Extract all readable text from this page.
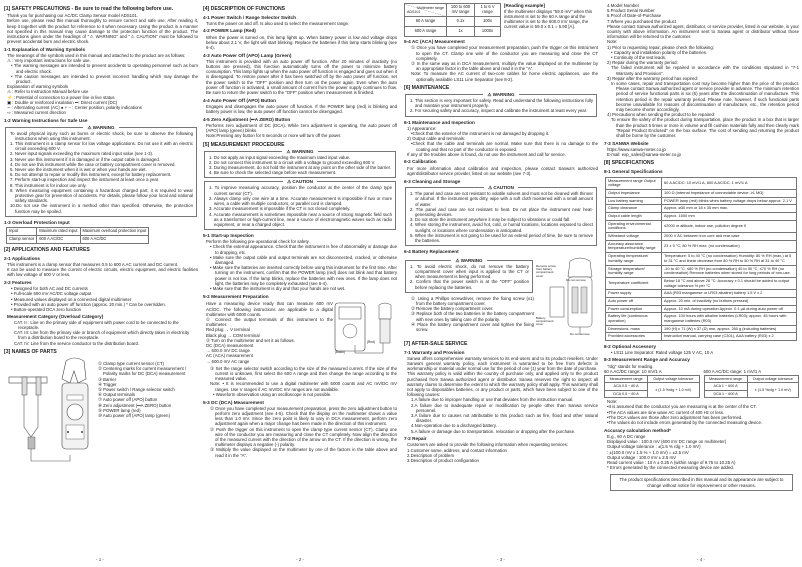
[1] SAFETY PRECAUTIONS - Be sure to read the following before use.
Thank you for purchasing our AC/DC Clamp Sensor model ADS101.
Before use, please read this manual thoroughly to ensure correct and safe use. After reading it, keep it together with the product for reference to it when necessary. Using the product in a manner not specified in this manual may cause damage to the protection function of the product. The instructions given under the headings of "⚠ WARNING" and "⚠ CAUTION" must be followed to prevent accidental burn and electric shock.
1-1 Explanation of Warning Symbols
The meanings of the symbols used in this manual and attached to the product are as follows:
⚠ : Very important instructions for safe use.
• The warning messages are intended to prevent accidents to operating personnel such as burn and electric shock.
• The caution messages are intended to prevent incorrect handling which may damage the product.
Explanation of warning symbols
⚠ : Refer to Instruction Manual before use
⚡ : Potential of connection to a power line in live status
▣ : Double or reinforced insulation ⎓: Direct current (DC)
∼ : Alternating current (AC) ● + − : Center position, polarity indications
⇨ : Measured current direction
1-2 Warning Instructions for Safe Use
⚠ WARNING
To avoid physical injury such as burns or electric shock, be sure to observe the following instructions when using this instrument.
1. This instrument is a clamp sensor for low voltage applications. Do not use it with an electric circuit exceeding 600 V.
2. Never input signals exceeding the maximum rated input value (see 1-3).
3. Never use this instrument if it is damaged or if the output cable is damaged.
4. Do not use this instrument while the case or battery compartment cover is removed.
5. Never use the instrument when it is wet or when your hands are wet.
6. Do not attempt to repair or modify this instrument, except for battery replacement.
7. Perform start-up inspection and inspect the instrument at least once a year.
8. This instrument is for indoor use only.
9. When measuring equipment containing a hazardous charged part, it is required to wear protective gear for prevention of accidents. For details, please follow your local and national safety standards.
10.Do not use the instrument in a method other than specified. Otherwise, the protection function may be spoiled.
1-3 Overload Protection Input
Input	Maximum rated input	Maximum overload protection input
Clamp sensor	600 A AC/DC	600 A AC/DC
[2] APPLICATIONS AND FEATURES
2-1 Applications
This instrument is a clamp sensor that measures 0.5 to 600 A AC current and DC current.
It can be used to measure the current of electric circuits, electric equipment, and electric facilities with low voltage of 600 V or less.
2-2 Features
• Designed for both AC and DC currents
• Full-scale 600 mV AC/DC voltage output
• Measured values displayed on a connected digital multimeter
• Provided with an auto power off function (approx. 20 min.) * Can be overridden.
• Button-operated DCA zero function
Measurement Category (Overload Category)
CAT. II : Line on the primary side of equipment with power cord to be connected to the receptacle.
CAT. III: Line from the primary side or branch of equipment which directly takes in electricity from a distribution board to the receptacle.
CAT. IV: Line from the service conductor to the distribution board.
[3] NAMES OF PARTS
① Clamp type current sensor (CT)
② Centering marks for current measurement / Polarity marks for DC (DCA) measurement
③ Barrier
④ Trigger
⑤ Power switch / Range selector switch
⑥ Output terminals
⑦ Auto power off (APO) button
⑧ Zero adjustment (⎓A ZERO) button
⑨ POWER lamp (red)
⑩ Auto power off (APO) lamp (green)
[4] DESCRIPTION OF FUNCTIONS
4-1 Power Switch / Range Selector Switch
Turns the power on and off. Is also used to select the measurement range.
4-2 POWER Lamp (Red)
When the power is turned on, this lamp lights up. When battery power is low and voltage drops below about 2.1 V, the light will start blinking. Replace the batteries if this lamp starts blinking (see 6-4).
4-3 Auto Power Off (APO) Lamp (Green)
This instrument is provided with an auto power off function. After 20 minutes of inactivity (no buttons are pressed), this function automatically turns off the power to minimize battery consumption. This lamp lights up when the auto power off function is engaged and goes out when it is disengaged. To restore power after it has been switched off by the auto power off function, set the power switch to the "OFF" position and then turn on the power again. Even when the auto power off function is activated, a small amount of current from the power supply continues to flow. Be sure to return the power switch to the "OFF" position when measurement is finished.
4-4 Auto Power Off (APO) Button
Engages and disengages the auto power off function. If the POWER lamp (red) is blinking and battery power is low, the auto power off function cannot be disengaged.
4-5 Zero Adjustment (⎓A ZERO) Button
Performs zero adjustment of DC (DCA). While zero adjustment is operating, the auto power off (APO) lamp (green) blinks.
Note:Pressing any button for 5 seconds or more will turn off the power.
[5] MEASUREMENT PROCEDURE
⚠ WARNING
1. Do not apply an input signal exceeding the maximum rated input value.
2. Do not connect this instrument to a circuit with a voltage to ground exceeding 600 V.
3. During measurement, do not hold the instrument at any point on the other side of the barrier.
4. Be sure to check the selected range before each measurement.
⚠ CAUTION
1. To improve measuring accuracy, position the conductor at the center of the clamp type current sensor (CT).
2. Always clamp only one wire at a time. Accurate measurement is impossible if two or more wires, a cable with multiple conductors, or parallel cord is clamped.
3. Accurate measurement is impossible if the CT is not closed completely.
4. Accurate measurement is sometimes impossible near a source of strong magnetic field such as a transformer or high-current line, near a source of electromagnetic waves such as radio equipment, or near a charged object.
5-1 Start-up Inspection
Perform the following pre-operational check for safety.
• Check the external appearance. Check that the instrument is free of abnormality or damage due to dropping, etc.
• Make sure the output cable and output terminals are not disconnected, cracked, or otherwise damaged.
• Make sure the batteries are inserted correctly before using this instrument for the first time. After turning on the instrument, confirm that the POWER lamp (red) does not blink and that battery power is not low. If the lamp blinks, replace the batteries with new ones. If the lamp does not light, the batteries may be completely exhausted (see 6-4).
• Make sure that the instrument is dry and that your hands are not wet.
5-2 Measurement Preparation
Have a measuring device ready that can measure 600 mV AC/DC. The following instructions are applicable to a digital multimeter with 6000 counts.
① Connect the output terminals of this instrument to the multimeter.
Red plug → V terminal
Black plug → COM terminal
② Turn on the multimeter and set it as follows.
DC (DCA) measurement
→ 600.0 mV DC range
AC (ACA) measurement
→ 600.0 mV AC range
(Red)
(Black)
③ Set the range selector switch according to the size of the measured current. If the size of the current is unknown, first select the 600 A range and then change the range according to the measured value.
Note: • It is recommended to use a digital multimeter with 6000 counts and AC mV/DC mV ranges. Use V ranges if AC mV/DC mV ranges are not available.
• Waveform observation using an oscilloscope is not possible.
5-3 DC (DCA) Measurement
① Once you have completed your measurement preparation, press the zero adjustment button to perform zero adjustment (see 4-5). Check that the display on the multimeter shows a value less than 1.0 mV. Since the zero point is likely to vary in DCA measurement, perform zero adjustment again when a major change has been made in the direction of this instrument.
② Push the trigger on this instrument to open the clamp type current sensor (CT). Clamp one wire of the conductor you are measuring and close the CT completely. Now align the direction of the measured current with the direction of the arrow on the CT. If the direction is wrong, the multimeter displays a negative (-) polarity.
③ Multiply the value displayed on the multimeter by one of the factors in the table above and read it in the "A".
Multimeter range
ADS101	100 to 600 mV range	1 to 6 V range
60 A range	0.1x	100x
600 A range	1x	1000x
[Reading example]
If the multimeter displays "59.0 mV" when this instrument is set to the 60 A range and the multimeter is set to the 600.0 mV range, the current value is 59.0 x 0.1 = 5.90 [A].
5-4 AC (ACA) Measurement
① Once you have completed your measurement preparation, push the trigger on this instrument to open the CT. Clamp one wire of the conductor you are measuring and close the CT completely.
② In the same way as in DCA measurement, multiply the value displayed on the multimeter by an appropriate factor in the table above and read it in the "A".
Note: To measure the AC current of two-core cables for home electric appliances, use the optionally available LS11 Line Separator (see 8-2).
[6] MAINTENANCE
⚠ WARNING
1. This section is very important for safety. Read and understand the following instructions fully and maintain your instrument properly.
2. For securing safety and accuracy, inspect and calibrate the instrument at least every year.
6-1 Maintenance and Inspection
1) Appearance:
•Check that the exterior of the instrument is not damaged by dropping it.
2) Output cable and terminals:
•Check that the cable and terminals are normal. Make sure that there is no damage to the coating and that no part of the conductor is exposed.
If any of the troubles above is found, do not use the instrument and call for service.
6-2 Calibration
For more information about calibration and inspection, please contact Sanwa's authorized agent/distributor service provider, listed on our website (see 7-3).
6-3 Cleaning and Storage
⚠ CAUTION
1. The panel and case are not resistant to volatile solvent and must not be cleaned with thinner or alcohol. If the instrument gets dirty, wipe with a soft cloth moistened with a small amount of water.
2. The panel and case are not resistant to heat. Do not place the instrument near heat-generating devices.
3. Do not store the instrument anywhere it may be subject to vibrations or could fall.
4. When storing the instrument, avoid hot, cold, or humid locations, locations exposed to direct sunlight, or locations where condensation is anticipated.
5. When the instrument is not going to be used for an extend period of time, be sure to remove the batteries.
6-4 Battery Replacement
⚠ WARNING
1. To avoid electric shock, do not remove the battery compartment cover when input is applied to the CT or when measurement is being performed.
2. Confirm that the power switch is at the "OFF" position before replacing the batteries.
① Using a Phillips screwdriver, remove the fixing screw (x1) from the battery compartment cover.
② Remove the battery compartment cover.
③ Replace both of the two batteries in the battery compartment with new ones by taking care of the polarity.
④ Place the battery compartment cover and tighten the fixing screw.
Remove screw from battery compartment cover
Do not remove
Battery compartment cover
Do not remove
[7] AFTER-SALE SERVICE
7-1 Warranty and Provision
Sanwa offers comprehensive warranty services to its end-users and to its product resellers. Under Sanwa's general warranty policy, each instrument is warranted to be free from defects in workmanship or material under normal use for the period of one (1) year from the date of purchase.
This warranty policy is valid within the country of purchase only, and applied only to the product purchased from Sanwa authorized agent or distributor. Sanwa reserves the right to inspect all warranty claims to determine the extent to which the warranty policy shall apply. This warranty shall not apply to disposables batteries, or any product or parts, which have been subject to one of the following causes:
1.A failure due to improper handling or use that deviates from the instruction manual.
2.A failure due to inadequate repair or modification by people other than Sanwa service personnel.
3.A failure due to causes not attributable to this product such as fire, flood and other natural disaster.
4.Non-operation due to a discharged battery.
5.A failure or damage due to transportation, relocation or dropping after the purchase.
7-2 Repair
Customers are asked to provide the following information when requesting services:
1.Customer name, address, and contact information
2.Description of problem
3.Description of product configuration
4.Model Number
5.Product Serial Number
6.Proof of Date-of-Purchase
7.Where you purchased the product
Please contact Sanwa authorized agent, distributor, or service provider, listed in our website, in your country with above information. An instrument sent to Sanwa agent or distributor without those information will be returned to the customer.
Note:
1) Prior to requesting repair, please check the following:
• Capacity and installation polarity of the batteries.
• Continuity of the test leads.
2) Repair during the warranty period:
The failed instrument will be repaired in accordance with the conditions stipulated in "7-1 Warranty and Provision".
3) Repair after the warranty period has expired:
In some cases, repair and transportation cost may become higher than the price of the product. Please contact Sanwa authorized agent or service provider in advance. The minimum retention period of service functional parts is six (6) years after the discontinuation of manufacture. This retention period is the repair warranty period. Please note, however, if such functional parts become unavailable for reasons of discontinuation of manufacture, etc., the retention period may become shorter accordingly.
4) Precautions when sending the product to be repaired:
To ensure the safety of the product during transportation, place the product in a box that is larger than the product 5 times or more in volume and fill cushion materials fully and then clearly mark "Repair Product Enclosed" on the box surface. The cost of sending and returning the product shall be borne by the customer.
7-3 SANWA Website
https://www.sanwa-meter.co.jp
E-mail: exp_sales@sanwa-meter.co.jp
[8] SPECIFICATIONS
8-1 General Specifications
Measurement range Output voltage	60 A AC/DC: 10 mV/1 A, 600 A AC/DC: 1 mV/1 A
Output impedance	100 Ω (internal impedance of connectable device: ≥1 MΩ)
Low battery warning	POWER lamp (red) blinks when battery voltage drops below approx. 2.1 V
Clamp clearance	Approx. ⌀30 mm or 18 x 35 mm max.
Output cable length	Approx. 1500 mm
Operating environmental conditions	≤2000 m altitude, indoor use, pollution degree II
Withstand voltage	2000 V AC between iron core and rear case
Accuracy assurance temperature/humidity range	23 ± 5 °C, 80 % RH max. (no condensation)
Operating temperature/ humidity range	Temperature: 5 to 40 °C (no condensation) Humidity: 80 % RH (max.) at 5 to 31 °C and linear decrease from 80 % RH to 50 % RH at 31 to 40 °C
Storage temperature/ humidity range	-10 to 40 °C, ≤80 % RH (no condensation) 40 to 50 °C, ≤70 % RH (no condensation) Remove batteries when stored for long periods of non-use.
Temperature coefficient	Below 18 °C and above 28 °C: Accuracy x 0.1 should be added to output voltage tolerance % per °C
Power supply	AAA (R03 manganese or LR03 alkaline) battery 1.5 V x 2
Auto power off	Approx. 20 min. of inactivity (no buttons pressed)
Power consumption	Approx. 10 mA during operation Approx. 0.1 μA during auto power off
Battery life (continuous operation)	Approx. 100 hours with alkaline batteries (LR03); approx. 45 hours with manganese batteries (R03)
Dimensions, mass	190 (H) x 71 (W) x 37 (D) mm, approx. 260 g (including batteries)
Provided accessories	Instruction manual, carrying case (C301), AAA battery (R03) x 2
8-2 Optional Accessory
• LS11 Line Separator: Rated voltage 125 V AC, 10 A
8-3 Measurement Range and Accuracy
"rdg" stands for reading.
60 A AC/DC range: 10 mV/1 A
Measurement range	Output voltage tolerance
ACA 0.5 ~ 60 A	± (1.5 %rdg + 1.0 mV)
DCA 0.5 ~ 60 A	
600 A AC/DC range: 1 mV/1 A
Measurement range	Output voltage tolerance
ACA 1 ~ 600 A	± (1.5 %rdg + 1.0 mV)
DCA 1 ~ 600 A	
Note:
•It is assumed that the conductor you are measuring is at the center of the CT.
•The ACA values are sine wave AC current of 400 Hz or less.
•The DCA values are those after zero adjustment has been performed.
•The values do not include errors generated by the connected measuring device.
Accuracy calculation method*
E.g., 60 A DC range
Displayed value : 100.0 mV (600 mV DC range on multimeter)
Output voltage tolerance : ±(1.5 % rdg + 1.0 mV)
: ±(100.0 mV x 1.5 % + 1.0 mV) = ±2.5 mV
Output voltage : 100.0 mV ± 2.5 mV
Read current value : 10 A ± 0.25 A (within range of 9.75 to 10.25 A)
* Errors generated by the connected measuring device are added.
The product specifications described in this manual and its appearance are subject to change without notice for improvement or other reasons.
- 1 -	- 2 -	- 3 -	- 4 -
